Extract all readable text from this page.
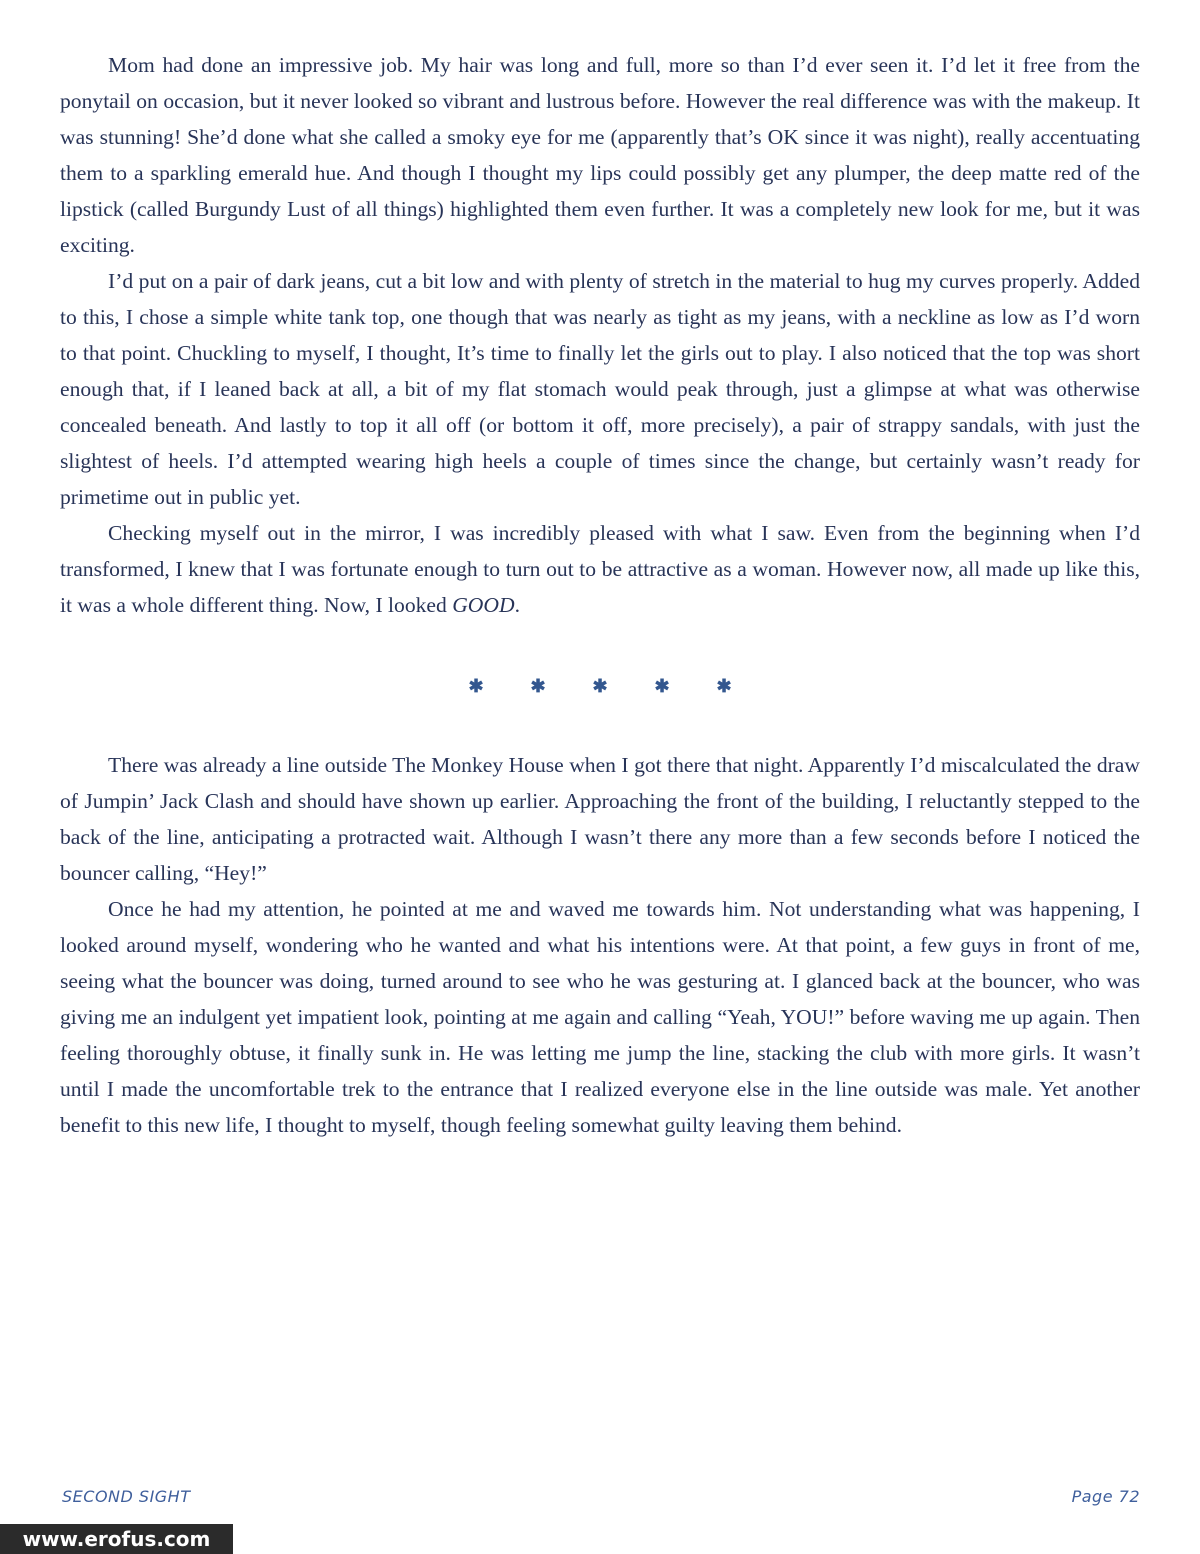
Mom had done an impressive job. My hair was long and full, more so than I’d ever seen it. I’d let it free from the ponytail on occasion, but it never looked so vibrant and lustrous before. However the real difference was with the makeup. It was stunning! She’d done what she called a smoky eye for me (apparently that’s OK since it was night), really accentuating them to a sparkling emerald hue. And though I thought my lips could possibly get any plumper, the deep matte red of the lipstick (called Burgundy Lust of all things) highlighted them even further. It was a completely new look for me, but it was exciting.

I’d put on a pair of dark jeans, cut a bit low and with plenty of stretch in the material to hug my curves properly. Added to this, I chose a simple white tank top, one though that was nearly as tight as my jeans, with a neckline as low as I’d worn to that point. Chuckling to myself, I thought, It’s time to finally let the girls out to play. I also noticed that the top was short enough that, if I leaned back at all, a bit of my flat stomach would peak through, just a glimpse at what was otherwise concealed beneath. And lastly to top it all off (or bottom it off, more precisely), a pair of strappy sandals, with just the slightest of heels. I’d attempted wearing high heels a couple of times since the change, but certainly wasn’t ready for primetime out in public yet.

Checking myself out in the mirror, I was incredibly pleased with what I saw. Even from the beginning when I’d transformed, I knew that I was fortunate enough to turn out to be attractive as a woman. However now, all made up like this, it was a whole different thing. Now, I looked GOOD.

✱	✱	✱	✱	✱

There was already a line outside The Monkey House when I got there that night. Apparently I’d miscalculated the draw of Jumpin’ Jack Clash and should have shown up earlier. Approaching the front of the building, I reluctantly stepped to the back of the line, anticipating a protracted wait. Although I wasn’t there any more than a few seconds before I noticed the bouncer calling, “Hey!”

Once he had my attention, he pointed at me and waved me towards him. Not understanding what was happening, I looked around myself, wondering who he wanted and what his intentions were. At that point, a few guys in front of me, seeing what the bouncer was doing, turned around to see who he was gesturing at. I glanced back at the bouncer, who was giving me an indulgent yet impatient look, pointing at me again and calling “Yeah, YOU!” before waving me up again. Then feeling thoroughly obtuse, it finally sunk in. He was letting me jump the line, stacking the club with more girls. It wasn’t until I made the uncomfortable trek to the entrance that I realized everyone else in the line outside was male. Yet another benefit to this new life, I thought to myself, though feeling somewhat guilty leaving them behind.

SECOND SIGHT	Page 72
www.erofus.com
